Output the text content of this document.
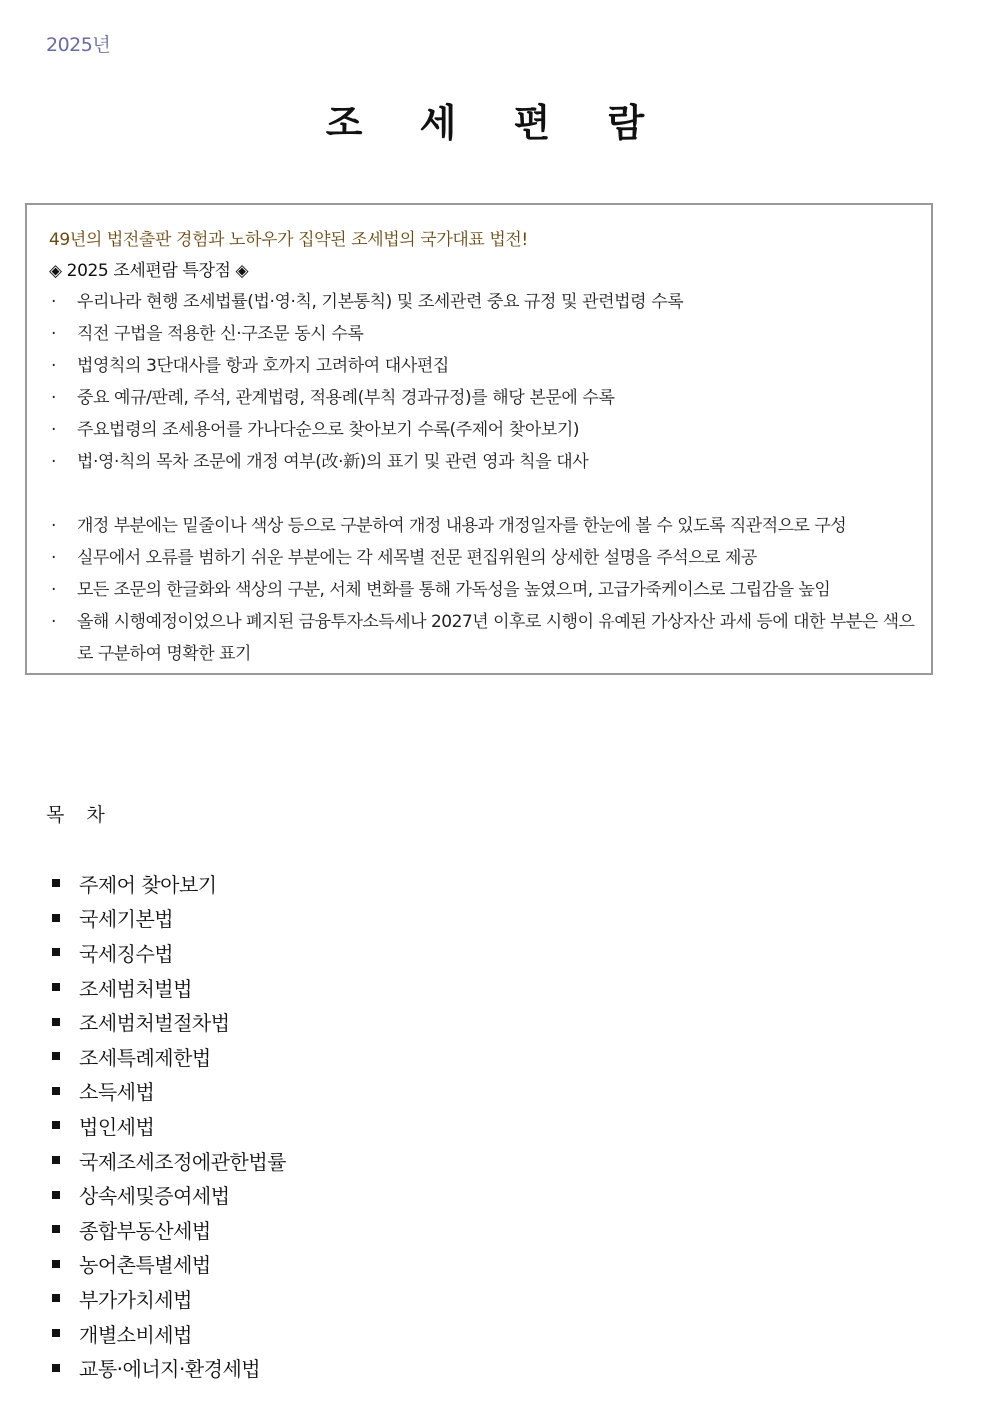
2025년
조 세 편 람
49년의 법전출판 경험과 노하우가 집약된 조세법의 국가대표 법전!
◈ 2025 조세편람 특장점 ◈
· 우리나라 현행 조세법률(법·영·칙, 기본통칙) 및 조세관련 중요 규정 및 관련법령 수록
· 직전 구법을 적용한 신·구조문 동시 수록
· 법영칙의 3단대사를 항과 호까지 고려하여 대사편집
· 중요 예규/판례, 주석, 관계법령, 적용례(부칙 경과규정)를 해당 본문에 수록
· 주요법령의 조세용어를 가나다순으로 찾아보기 수록(주제어 찾아보기)
· 법·영·칙의 목차 조문에 개정 여부(改·新)의 표기 및 관련 영과 칙을 대사
· 개정 부분에는 밑줄이나 색상 등으로 구분하여 개정 내용과 개정일자를 한눈에 볼 수 있도록 직관적으로 구성
· 실무에서 오류를 범하기 쉬운 부분에는 각 세목별 전문 편집위원의 상세한 설명을 주석으로 제공
· 모든 조문의 한글화와 색상의 구분, 서체 변화를 통해 가독성을 높였으며, 고급가죽케이스로 그립감을 높임
· 올해 시행예정이었으나 폐지된 금융투자소득세나 2027년 이후로 시행이 유예된 가상자산 과세 등에 대한 부분은 색으로 구분하여 명확한 표기
목 차
주제어 찾아보기
국세기본법
국세징수법
조세범처벌법
조세범처벌절차법
조세특례제한법
소득세법
법인세법
국제조세조정에관한법률
상속세및증여세법
종합부동산세법
농어촌특별세법
부가가치세법
개별소비세법
교통·에너지·환경세법
